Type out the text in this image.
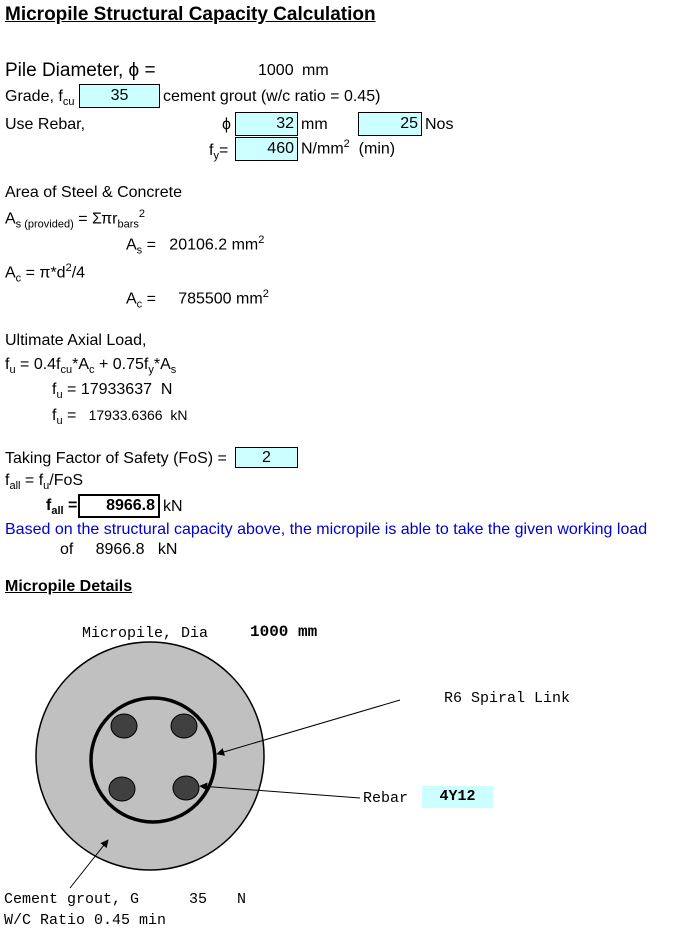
Micropile Structural Capacity Calculation
Pile Diameter, ϕ =	1000 mm
Grade, $f_{cu}$	35	cement grout (w/c ratio = 0.45)
Use Rebar,	ϕ	32 mm	25 Nos
$f_y=$	460 $N/mm^2$ (min)
Area of Steel & Concrete
$A_{s (provided)} = \Sigma\pi r_{bars}^2$
$A_s = 20106.2$ $mm^2$
$A_c = \pi*d^2/4$
$A_c$ =     785500 $mm^2$
Ultimate Axial Load,
$f_u = 0.4f_{cu}*A_c + 0.75f_y*A_s$
$f_u = 17933637$ N
$f_u = 17933.6366$ kN
Taking Factor of Safety (FoS) =	2
$f_{all} = f_u/FoS$
$f_{all}$ =	8966.8 kN
Based on the structural capacity above, the micropile is able to take the given working load
of 8966.8 kN
Micropile Details
Micropile, Dia	1000 mm
R6 Spiral Link
Rebar	4Y12
Cement grout, G	35 N
W/C Ratio 0.45 min
